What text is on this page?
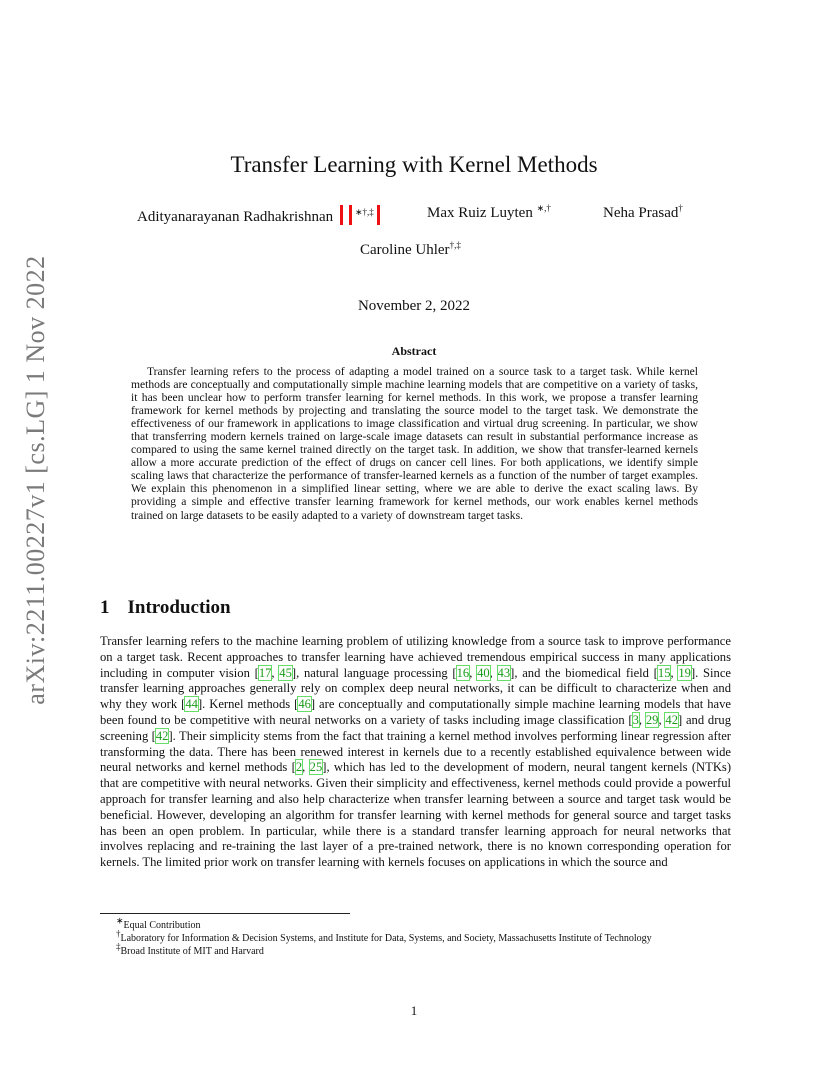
arXiv:2211.00227v1 [cs.LG] 1 Nov 2022
Transfer Learning with Kernel Methods
Adityanarayanan Radhakrishnan ∗†,‡	Max Ruiz Luyten ∗,†	Neha Prasad†
Caroline Uhler†,‡
November 2, 2022
Abstract
Transfer learning refers to the process of adapting a model trained on a source task to a target task. While kernel methods are conceptually and computationally simple machine learning models that are competitive on a variety of tasks, it has been unclear how to perform transfer learning for kernel methods. In this work, we propose a transfer learning framework for kernel methods by projecting and translating the source model to the target task. We demonstrate the effectiveness of our framework in applications to image classification and virtual drug screening. In particular, we show that transferring modern kernels trained on large-scale image datasets can result in substantial performance increase as compared to using the same kernel trained directly on the target task. In addition, we show that transfer-learned kernels allow a more accurate prediction of the effect of drugs on cancer cell lines. For both applications, we identify simple scaling laws that characterize the performance of transfer-learned kernels as a function of the number of target examples. We explain this phenomenon in a simplified linear setting, where we are able to derive the exact scaling laws. By providing a simple and effective transfer learning framework for kernel methods, our work enables kernel methods trained on large datasets to be easily adapted to a variety of downstream target tasks.
1 Introduction
Transfer learning refers to the machine learning problem of utilizing knowledge from a source task to improve performance on a target task. Recent approaches to transfer learning have achieved tremendous empirical success in many applications including in computer vision [17, 45], natural language processing [16, 40, 43], and the biomedical field [15, 19]. Since transfer learning approaches generally rely on complex deep neural networks, it can be difficult to characterize when and why they work [44]. Kernel methods [46] are conceptually and computationally simple machine learning models that have been found to be competitive with neural networks on a variety of tasks including image classification [3, 29, 42] and drug screening [42]. Their simplicity stems from the fact that training a kernel method involves performing linear regression after transforming the data. There has been renewed interest in kernels due to a recently established equivalence between wide neural networks and kernel methods [2, 25], which has led to the development of modern, neural tangent kernels (NTKs) that are competitive with neural networks. Given their simplicity and effectiveness, kernel methods could provide a powerful approach for transfer learning and also help characterize when transfer learning between a source and target task would be beneficial. However, developing an algorithm for transfer learning with kernel methods for general source and target tasks has been an open problem. In particular, while there is a standard transfer learning approach for neural networks that involves replacing and re-training the last layer of a pre-trained network, there is no known corresponding operation for kernels. The limited prior work on transfer learning with kernels focuses on applications in which the source and

∗Equal Contribution

†Laboratory for Information & Decision Systems, and Institute for Data, Systems, and Society, Massachusetts Institute of Technology

‡Broad Institute of MIT and Harvard

1
